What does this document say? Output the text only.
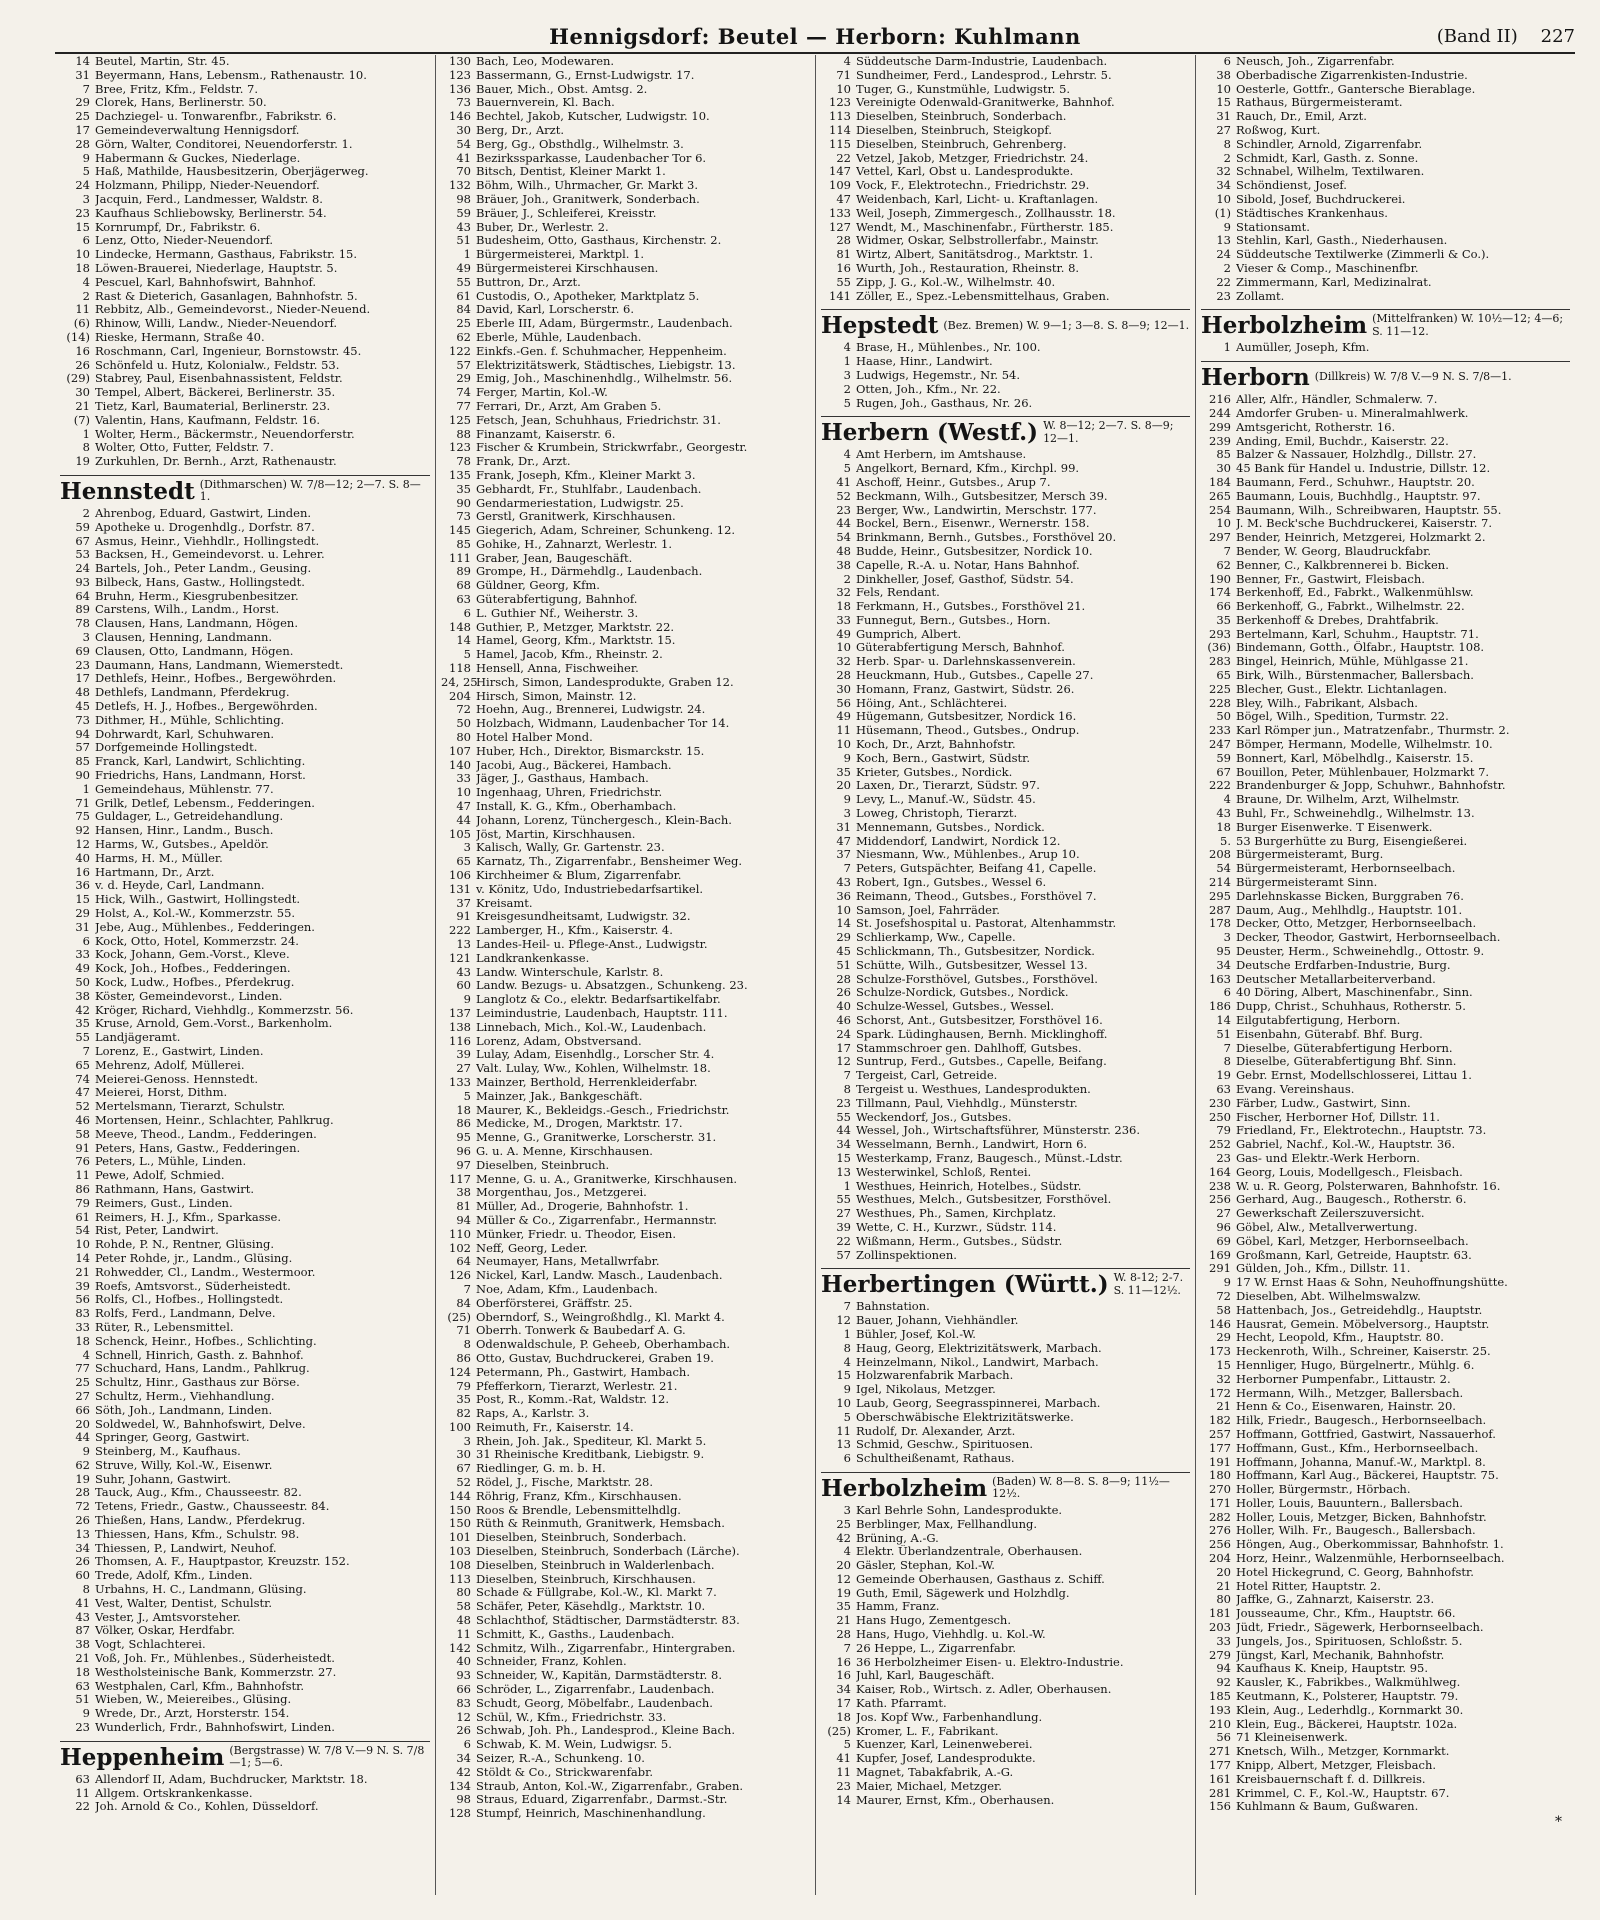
Hennigsdorf: Beutel — Herborn: Kuhlmann	(Band II) 227
14 Beutel, Martin, Str. 45.
31 Beyermann, Hans, Lebensm., Rathenaustr. 10.
7 Bree, Fritz, Kfm., Feldstr. 7.
29 Clorek, Hans, Berlinerstr. 50.
25 Dachziegel- u. Tonwarenfbr., Fabrikstr. 6.
17 Gemeindeverwaltung Hennigsdorf.
28 Görn, Walter, Conditorei, Neuendorferstr. 1.
9 Habermann & Guckes, Niederlage.
5 Haß, Mathilde, Hausbesitzerin, Oberjägerweg.
24 Holzmann, Philipp, Nieder-Neuendorf.
3 Jacquin, Ferd., Landmesser, Waldstr. 8.
23 Kaufhaus Schliebowsky, Berlinerstr. 54.
15 Kornrumpf, Dr., Fabrikstr. 6.
6 Lenz, Otto, Nieder-Neuendorf.
10 Lindecke, Hermann, Gasthaus, Fabrikstr. 15.
18 Löwen-Brauerei, Niederlage, Hauptstr. 5.
4 Pescuel, Karl, Bahnhofswirt, Bahnhof.
2 Rast & Dieterich, Gasanlagen, Bahnhofstr. 5.
11 Rebbitz, Alb., Gemeindevorst., Nieder-Neuend.
(6) Rhinow, Willi, Landw., Nieder-Neuendorf.
(14) Rieske, Hermann, Straße 40.
16 Roschmann, Carl, Ingenieur, Bornstowstr. 45.
26 Schönfeld u. Hutz, Kolonialw., Feldstr. 53.
(29) Stabrey, Paul, Eisenbahnassistent, Feldstr.
30 Tempel, Albert, Bäckerei, Berlinerstr. 35.
21 Tietz, Karl, Baumaterial, Berlinerstr. 23.
(7) Valentin, Hans, Kaufmann, Feldstr. 16.
1 Wolter, Herm., Bäckermstr., Neuendorferstr.
8 Wolter, Otto, Futter, Feldstr. 7.
19 Zurkuhlen, Dr. Bernh., Arzt, Rathenaustr.
Hennstedt (Dithmarschen) W. 7/8—12; 2—7. S. 8—1.
2 Ahrenbog, Eduard, Gastwirt, Linden.
59 Apotheke u. Drogenhdlg., Dorfstr. 87.
67 Asmus, Heinr., Viehhdlr., Hollingstedt.
53 Backsen, H., Gemeindevorst. u. Lehrer.
24 Bartels, Joh., Peter Landm., Geusing.
93 Bilbeck, Hans, Gastw., Hollingstedt.
64 Bruhn, Herm., Kiesgrubenbesitzer.
89 Carstens, Wilh., Landm., Horst.
78 Clausen, Hans, Landmann, Högen.
3 Clausen, Henning, Landmann.
69 Clausen, Otto, Landmann, Högen.
23 Daumann, Hans, Landmann, Wiemerstedt.
17 Dethlefs, Heinr., Hofbes., Bergewöhrden.
48 Dethlefs, Landmann, Pferdekrug.
45 Detlefs, H. J., Hofbes., Bergewöhrden.
73 Dithmer, H., Mühle, Schlichting.
94 Dohrwardt, Karl, Schuhwaren.
57 Dorfgemeinde Hollingstedt.
85 Franck, Karl, Landwirt, Schlichting.
90 Friedrichs, Hans, Landmann, Horst.
1 Gemeindehaus, Mühlenstr. 77.
71 Grilk, Detlef, Lebensm., Fedderingen.
75 Guldager, L., Getreidehandlung.
92 Hansen, Hinr., Landm., Busch.
12 Harms, W., Gutsbes., Apeldör.
40 Harms, H. M., Müller.
16 Hartmann, Dr., Arzt.
36 v. d. Heyde, Carl, Landmann.
15 Hick, Wilh., Gastwirt, Hollingstedt.
29 Holst, A., Kol.-W., Kommerzstr. 55.
31 Jebe, Aug., Mühlenbes., Fedderingen.
6 Kock, Otto, Hotel, Kommerzstr. 24.
33 Kock, Johann, Gem.-Vorst., Kleve.
49 Kock, Joh., Hofbes., Fedderingen.
50 Kock, Ludw., Hofbes., Pferdekrug.
38 Köster, Gemeindevorst., Linden.
42 Kröger, Richard, Viehhdlg., Kommerzstr. 56.
35 Kruse, Arnold, Gem.-Vorst., Barkenholm.
55 Landjägeramt.
7 Lorenz, E., Gastwirt, Linden.
65 Mehrenz, Adolf, Müllerei.
74 Meierei-Genoss. Hennstedt.
47 Meierei, Horst, Dithm.
52 Mertelsmann, Tierarzt, Schulstr.
46 Mortensen, Heinr., Schlachter, Pahlkrug.
58 Meeve, Theod., Landm., Fedderingen.
91 Peters, Hans, Gastw., Fedderingen.
76 Peters, L., Mühle, Linden.
11 Pewe, Adolf, Schmied.
86 Rathmann, Hans, Gastwirt.
79 Reimers, Gust., Linden.
61 Reimers, H. J., Kfm., Sparkasse.
54 Rist, Peter, Landwirt.
10 Rohde, P. N., Rentner, Glüsing.
14 Peter Rohde, jr., Landm., Glüsing.
21 Rohwedder, Cl., Landm., Westermoor.
39 Roefs, Amtsvorst., Süderheistedt.
56 Rolfs, Cl., Hofbes., Hollingstedt.
83 Rolfs, Ferd., Landmann, Delve.
33 Rüter, R., Lebensmittel.
18 Schenck, Heinr., Hofbes., Schlichting.
4 Schnell, Hinrich, Gasth. z. Bahnhof.
77 Schuchard, Hans, Landm., Pahlkrug.
25 Schultz, Hinr., Gasthaus zur Börse.
27 Schultz, Herm., Viehhandlung.
66 Söth, Joh., Landmann, Linden.
20 Soldwedel, W., Bahnhofswirt, Delve.
44 Springer, Georg, Gastwirt.
9 Steinberg, M., Kaufhaus.
62 Struve, Willy, Kol.-W., Eisenwr.
19 Suhr, Johann, Gastwirt.
28 Tauck, Aug., Kfm., Chausseestr. 82.
72 Tetens, Friedr., Gastw., Chausseestr. 84.
26 Thießen, Hans, Landw., Pferdekrug.
13 Thiessen, Hans, Kfm., Schulstr. 98.
34 Thiessen, P., Landwirt, Neuhof.
26 Thomsen, A. F., Hauptpastor, Kreuzstr. 152.
60 Trede, Adolf, Kfm., Linden.
8 Urbahns, H. C., Landmann, Glüsing.
41 Vest, Walter, Dentist, Schulstr.
43 Vester, J., Amtsvorsteher.
87 Völker, Oskar, Herdfabr.
38 Vogt, Schlachterei.
21 Voß, Joh. Fr., Mühlenbes., Süderheistedt.
18 Westholsteinische Bank, Kommerzstr. 27.
63 Westphalen, Carl, Kfm., Bahnhofstr.
51 Wieben, W., Meiereibes., Glüsing.
9 Wrede, Dr., Arzt, Horsterstr. 154.
23 Wunderlich, Frdr., Bahnhofswirt, Linden.
Heppenheim (Bergstrasse) W. 7/8 V.—9 N. S. 7/8—1; 5—6.
63 Allendorf II, Adam, Buchdrucker, Marktstr. 18.
11 Allgem. Ortskrankenkasse.
22 Joh. Arnold & Co., Kohlen, Düsseldorf.
130 Bach, Leo, Modewaren.
123 Bassermann, G., Ernst-Ludwigstr. 17.
136 Bauer, Mich., Obst. Amtsg. 2.
73 Bauernverein, Kl. Bach.
146 Bechtel, Jakob, Kutscher, Ludwigstr. 10.
30 Berg, Dr., Arzt.
54 Berg, Gg., Obsthdlg., Wilhelmstr. 3.
41 Bezirkssparkasse, Laudenbacher Tor 6.
70 Bitsch, Dentist, Kleiner Markt 1.
132 Böhm, Wilh., Uhrmacher, Gr. Markt 3.
98 Bräuer, Joh., Granitwerk, Sonderbach.
59 Bräuer, J., Schleiferei, Kreisstr.
43 Buber, Dr., Werlestr. 2.
51 Budesheim, Otto, Gasthaus, Kirchenstr. 2.
1 Bürgermeisterei, Marktpl. 1.
49 Bürgermeisterei Kirschhausen.
55 Buttron, Dr., Arzt.
61 Custodis, O., Apotheker, Marktplatz 5.
84 David, Karl, Lorscherstr. 6.
25 Eberle III, Adam, Bürgermstr., Laudenbach.
62 Eberle, Mühle, Laudenbach.
122 Einkfs.-Gen. f. Schuhmacher, Heppenheim.
57 Elektrizitätswerk, Städtisches, Liebigstr. 13.
29 Emig, Joh., Maschinenhdlg., Wilhelmstr. 56.
74 Ferger, Martin, Kol.-W.
77 Ferrari, Dr., Arzt, Am Graben 5.
125 Fetsch, Jean, Schuhhaus, Friedrichstr. 31.
88 Finanzamt, Kaiserstr. 6.
123 Fischer & Krumbein, Strickwrfabr., Georgestr.
78 Frank, Dr., Arzt.
135 Frank, Joseph, Kfm., Kleiner Markt 3.
35 Gebhardt, Fr., Stuhlfabr., Laudenbach.
90 Gendarmeriestation, Ludwigstr. 25.
73 Gerstl, Granitwerk, Kirschhausen.
145 Giegerich, Adam, Schreiner, Schunkeng. 12.
85 Gohike, H., Zahnarzt, Werlestr. 1.
111 Graber, Jean, Baugeschäft.
89 Grompe, H., Därmehdlg., Laudenbach.
68 Güldner, Georg, Kfm.
63 Güterabfertigung, Bahnhof.
6 L. Guthier Nf., Weiherstr. 3.
148 Guthier, P., Metzger, Marktstr. 22.
14 Hamel, Georg, Kfm., Marktstr. 15.
5 Hamel, Jacob, Kfm., Rheinstr. 2.
118 Hensell, Anna, Fischweiher.
24, 25
Hirsch, Simon, Landesprodukte, Graben 12.
204 Hirsch, Simon, Mainstr. 12.
72 Hoehn, Aug., Brennerei, Ludwigstr. 24.
50 Holzbach, Widmann, Laudenbacher Tor 14.
80 Hotel Halber Mond.
107 Huber, Hch., Direktor, Bismarckstr. 15.
140 Jacobi, Aug., Bäckerei, Hambach.
33 Jäger, J., Gasthaus, Hambach.
10 Ingenhaag, Uhren, Friedrichstr.
47 Install, K. G., Kfm., Oberhambach.
44 Johann, Lorenz, Tünchergesch., Klein-Bach.
105 Jöst, Martin, Kirschhausen.
3 Kalisch, Wally, Gr. Gartenstr. 23.
65 Karnatz, Th., Zigarrenfabr., Bensheimer Weg.
106 Kirchheimer & Blum, Zigarrenfabr.
131 v. Könitz, Udo, Industriebedarfsartikel.
37 Kreisamt.
91 Kreisgesundheitsamt, Ludwigstr. 32.
222 Lamberger, H., Kfm., Kaiserstr. 4.
13 Landes-Heil- u. Pflege-Anst., Ludwigstr.
121 Landkrankenkasse.
43 Landw. Winterschule, Karlstr. 8.
60 Landw. Bezugs- u. Absatzgen., Schunkeng. 23.
9 Langlotz & Co., elektr. Bedarfsartikelfabr.
137 Leimindustrie, Laudenbach, Hauptstr. 111.
138 Linnebach, Mich., Kol.-W., Laudenbach.
116 Lorenz, Adam, Obstversand.
39 Lulay, Adam, Eisenhdlg., Lorscher Str. 4.
27 Valt. Lulay, Ww., Kohlen, Wilhelmstr. 18.
133 Mainzer, Berthold, Herrenkleiderfabr.
5 Mainzer, Jak., Bankgeschäft.
18 Maurer, K., Bekleidgs.-Gesch., Friedrichstr.
86 Medicke, M., Drogen, Marktstr. 17.
95 Menne, G., Granitwerke, Lorscherstr. 31.
96 G. u. A. Menne, Kirschhausen.
97 Dieselben, Steinbruch.
117 Menne, G. u. A., Granitwerke, Kirschhausen.
38 Morgenthau, Jos., Metzgerei.
81 Müller, Ad., Drogerie, Bahnhofstr. 1.
94 Müller & Co., Zigarrenfabr., Hermannstr.
110 Münker, Friedr. u. Theodor, Eisen.
102 Neff, Georg, Leder.
64 Neumayer, Hans, Metallwrfabr.
126 Nickel, Karl, Landw. Masch., Laudenbach.
7 Noe, Adam, Kfm., Laudenbach.
84 Oberförsterei, Gräffstr. 25.
(25) Oberndorf, S., Weingroßhdlg., Kl. Markt 4.
71 Oberrh. Tonwerk & Baubedarf A. G.
8 Odenwaldschule, P. Geheeb, Oberhambach.
86 Otto, Gustav, Buchdruckerei, Graben 19.
124 Petermann, Ph., Gastwirt, Hambach.
79 Pfefferkorn, Tierarzt, Werlestr. 21.
35 Post, R., Komm.-Rat, Waldstr. 12.
82 Raps, A., Karlstr. 3.
100 Reimuth, Fr., Kaiserstr. 14.
3 Rhein, Joh. Jak., Spediteur, Kl. Markt 5.
30 31 Rheinische Kreditbank, Liebigstr. 9.
67 Riedlinger, G. m. b. H.
52 Rödel, J., Fische, Marktstr. 28.
144 Röhrig, Franz, Kfm., Kirschhausen.
150 Roos & Brendle, Lebensmittelhdlg.
150 Rüth & Reinmuth, Granitwerk, Hemsbach.
101 Dieselben, Steinbruch, Sonderbach.
103 Dieselben, Steinbruch, Sonderbach (Lärche).
108 Dieselben, Steinbruch in Walderlenbach.
113 Dieselben, Steinbruch, Kirschhausen.
80 Schade & Füllgrabe, Kol.-W., Kl. Markt 7.
58 Schäfer, Peter, Käsehdlg., Marktstr. 10.
48 Schlachthof, Städtischer, Darmstädterstr. 83.
11 Schmitt, K., Gasths., Laudenbach.
142 Schmitz, Wilh., Zigarrenfabr., Hintergraben.
40 Schneider, Franz, Kohlen.
93 Schneider, W., Kapitän, Darmstädterstr. 8.
66 Schröder, L., Zigarrenfabr., Laudenbach.
83 Schudt, Georg, Möbelfabr., Laudenbach.
12 Schül, W., Kfm., Friedrichstr. 33.
26 Schwab, Joh. Ph., Landesprod., Kleine Bach.
6 Schwab, K. M. Wein, Ludwigsr. 5.
34 Seizer, R.-A., Schunkeng. 10.
42 Stöldt & Co., Strickwarenfabr.
134 Straub, Anton, Kol.-W., Zigarrenfabr., Graben.
98 Straus, Eduard, Zigarrenfabr., Darmst.-Str.
128 Stumpf, Heinrich, Maschinenhandlung.
4 Süddeutsche Darm-Industrie, Laudenbach.
71 Sundheimer, Ferd., Landesprod., Lehrstr. 5.
10 Tuger, G., Kunstmühle, Ludwigstr. 5.
123 Vereinigte Odenwald-Granitwerke, Bahnhof.
113 Dieselben, Steinbruch, Sonderbach.
114 Dieselben, Steinbruch, Steigkopf.
115 Dieselben, Steinbruch, Gehrenberg.
22 Vetzel, Jakob, Metzger, Friedrichstr. 24.
147 Vettel, Karl, Obst u. Landesprodukte.
109 Vock, F., Elektrotechn., Friedrichstr. 29.
47 Weidenbach, Karl, Licht- u. Kraftanlagen.
133 Weil, Joseph, Zimmergesch., Zollhausstr. 18.
127 Wendt, M., Maschinenfabr., Fürtherstr. 185.
28 Widmer, Oskar, Selbstrollerfabr., Mainstr.
81 Wirtz, Albert, Sanitätsdrog., Marktstr. 1.
16 Wurth, Joh., Restauration, Rheinstr. 8.
55 Zipp, J. G., Kol.-W., Wilhelmstr. 40.
141 Zöller, E., Spez.-Lebensmittelhaus, Graben.
Hepstedt (Bez. Bremen) W. 9—1; 3—8. S. 8—9; 12—1.
4 Brase, H., Mühlenbes., Nr. 100.
1 Haase, Hinr., Landwirt.
3 Ludwigs, Hegemstr., Nr. 54.
2 Otten, Joh., Kfm., Nr. 22.
5 Rugen, Joh., Gasthaus, Nr. 26.
Herbern (Westf.) W. 8—12; 2—7. S. 8—9; 12—1.
4 Amt Herbern, im Amtshause.
5 Angelkort, Bernard, Kfm., Kirchpl. 99.
41 Aschoff, Heinr., Gutsbes., Arup 7.
52 Beckmann, Wilh., Gutsbesitzer, Mersch 39.
23 Berger, Ww., Landwirtin, Merschstr. 177.
44 Bockel, Bern., Eisenwr., Wernerstr. 158.
54 Brinkmann, Bernh., Gutsbes., Forsthövel 20.
48 Budde, Heinr., Gutsbesitzer, Nordick 10.
38 Capelle, R.-A. u. Notar, Hans Bahnhof.
2 Dinkheller, Josef, Gasthof, Südstr. 54.
32 Fels, Rendant.
18 Ferkmann, H., Gutsbes., Forsthövel 21.
33 Funnegut, Bern., Gutsbes., Horn.
49 Gumprich, Albert.
10 Güterabfertigung Mersch, Bahnhof.
32 Herb. Spar- u. Darlehnskassenverein.
28 Heuckmann, Hub., Gutsbes., Capelle 27.
30 Homann, Franz, Gastwirt, Südstr. 26.
56 Höing, Ant., Schlächterei.
49 Hügemann, Gutsbesitzer, Nordick 16.
11 Hüsemann, Theod., Gutsbes., Ondrup.
10 Koch, Dr., Arzt, Bahnhofstr.
9 Koch, Bern., Gastwirt, Südstr.
35 Krieter, Gutsbes., Nordick.
20 Laxen, Dr., Tierarzt, Südstr. 97.
9 Levy, L., Manuf.-W., Südstr. 45.
3 Loweg, Christoph, Tierarzt.
31 Mennemann, Gutsbes., Nordick.
47 Middendorf, Landwirt, Nordick 12.
37 Niesmann, Ww., Mühlenbes., Arup 10.
7 Peters, Gutspächter, Beifang 41, Capelle.
43 Robert, Ign., Gutsbes., Wessel 6.
36 Reimann, Theod., Gutsbes., Forsthövel 7.
10 Samson, Joel, Fahrräder.
14 St. Josefshospital u. Pastorat, Altenhammstr.
29 Schlierkamp, Ww., Capelle.
45 Schlickmann, Th., Gutsbesitzer, Nordick.
51 Schütte, Wilh., Gutsbesitzer, Wessel 13.
28 Schulze-Forsthövel, Gutsbes., Forsthövel.
26 Schulze-Nordick, Gutsbes., Nordick.
40 Schulze-Wessel, Gutsbes., Wessel.
46 Schorst, Ant., Gutsbesitzer, Forsthövel 16.
24 Spark. Lüdinghausen, Bernh. Micklinghoff.
17 Stammschroer gen. Dahlhoff, Gutsbes.
12 Suntrup, Ferd., Gutsbes., Capelle, Beifang.
7 Tergeist, Carl, Getreide.
8 Tergeist u. Westhues, Landesprodukten.
23 Tillmann, Paul, Viehhdlg., Münsterstr.
55 Weckendorf, Jos., Gutsbes.
44 Wessel, Joh., Wirtschaftsführer, Münsterstr. 236.
34 Wesselmann, Bernh., Landwirt, Horn 6.
15 Westerkamp, Franz, Baugesch., Münst.-Ldstr.
13 Westerwinkel, Schloß, Rentei.
1 Westhues, Heinrich, Hotelbes., Südstr.
55 Westhues, Melch., Gutsbesitzer, Forsthövel.
27 Westhues, Ph., Samen, Kirchplatz.
39 Wette, C. H., Kurzwr., Südstr. 114.
22 Wißmann, Herm., Gutsbes., Südstr.
57 Zollinspektionen.
Herbertingen (Württ.) W. 8-12; 2-7. S. 11—12½.
7 Bahnstation.
12 Bauer, Johann, Viehhändler.
1 Bühler, Josef, Kol.-W.
8 Haug, Georg, Elektrizitätswerk, Marbach.
4 Heinzelmann, Nikol., Landwirt, Marbach.
15 Holzwarenfabrik Marbach.
9 Igel, Nikolaus, Metzger.
10 Laub, Georg, Seegrasspinnerei, Marbach.
5 Oberschwäbische Elektrizitätswerke.
11 Rudolf, Dr. Alexander, Arzt.
13 Schmid, Geschw., Spirituosen.
6 Schultheißenamt, Rathaus.
Herbolzheim (Baden) W. 8—8. S. 8—9; 11½—12½.
3 Karl Behrle Sohn, Landesprodukte.
25 Berblinger, Max, Fellhandlung.
42 Brüning, A.-G.
4 Elektr. Überlandzentrale, Oberhausen.
20 Gäsler, Stephan, Kol.-W.
12 Gemeinde Oberhausen, Gasthaus z. Schiff.
19 Guth, Emil, Sägewerk und Holzhdlg.
35 Hamm, Franz.
21 Hans Hugo, Zementgesch.
28 Hans, Hugo, Viehhdlg. u. Kol.-W.
7 26 Heppe, L., Zigarrenfabr.
16 36 Herbolzheimer Eisen- u. Elektro-Industrie.
16 Juhl, Karl, Baugeschäft.
34 Kaiser, Rob., Wirtsch. z. Adler, Oberhausen.
17 Kath. Pfarramt.
18 Jos. Kopf Ww., Farbenhandlung.
(25) Kromer, L. F., Fabrikant.
5 Kuenzer, Karl, Leinenweberei.
41 Kupfer, Josef, Landesprodukte.
11 Magnet, Tabakfabrik, A.-G.
23 Maier, Michael, Metzger.
14 Maurer, Ernst, Kfm., Oberhausen.
6 Neusch, Joh., Zigarrenfabr.
38 Oberbadische Zigarrenkisten-Industrie.
10 Oesterle, Gottfr., Gantersche Bierablage.
15 Rathaus, Bürgermeisteramt.
31 Rauch, Dr., Emil, Arzt.
27 Roßwog, Kurt.
8 Schindler, Arnold, Zigarrenfabr.
2 Schmidt, Karl, Gasth. z. Sonne.
32 Schnabel, Wilhelm, Textilwaren.
34 Schöndienst, Josef.
10 Sibold, Josef, Buchdruckerei.
(1) Städtisches Krankenhaus.
9 Stationsamt.
13 Stehlin, Karl, Gasth., Niederhausen.
24 Süddeutsche Textilwerke (Zimmerli & Co.).
2 Vieser & Comp., Maschinenfbr.
22 Zimmermann, Karl, Medizinalrat.
23 Zollamt.
Herbolzheim (Mittelfranken) W. 10½—12; 4—6; S. 11—12.
1 Aumüller, Joseph, Kfm.
Herborn (Dillkreis) W. 7/8 V.—9 N. S. 7/8—1.
216 Aller, Alfr., Händler, Schmalerw. 7.
244 Amdorfer Gruben- u. Mineralmahlwerk.
299 Amtsgericht, Rotherstr. 16.
239 Anding, Emil, Buchdr., Kaiserstr. 22.
85 Balzer & Nassauer, Holzhdlg., Dillstr. 27.
30 45 Bank für Handel u. Industrie, Dillstr. 12.
184 Baumann, Ferd., Schuhwr., Hauptstr. 20.
265 Baumann, Louis, Buchhdlg., Hauptstr. 97.
254 Baumann, Wilh., Schreibwaren, Hauptstr. 55.
10 J. M. Beck'sche Buchdruckerei, Kaiserstr. 7.
297 Bender, Heinrich, Metzgerei, Holzmarkt 2.
7 Bender, W. Georg, Blaudruckfabr.
62 Benner, C., Kalkbrennerei b. Bicken.
190 Benner, Fr., Gastwirt, Fleisbach.
174 Berkenhoff, Ed., Fabrkt., Walkenmühlsw.
66 Berkenhoff, G., Fabrkt., Wilhelmstr. 22.
35 Berkenhoff & Drebes, Drahtfabrik.
293 Bertelmann, Karl, Schuhm., Hauptstr. 71.
(36) Bindemann, Gotth., Ölfabr., Hauptstr. 108.
283 Bingel, Heinrich, Mühle, Mühlgasse 21.
65 Birk, Wilh., Bürstenmacher, Ballersbach.
225 Blecher, Gust., Elektr. Lichtanlagen.
228 Bley, Wilh., Fabrikant, Alsbach.
50 Bögel, Wilh., Spedition, Turmstr. 22.
233 Karl Römper jun., Matratzenfabr., Thurmstr. 2.
247 Bömper, Hermann, Modelle, Wilhelmstr. 10.
59 Bonnert, Karl, Möbelhdlg., Kaiserstr. 15.
67 Bouillon, Peter, Mühlenbauer, Holzmarkt 7.
222 Brandenburger & Jopp, Schuhwr., Bahnhofstr.
4 Braune, Dr. Wilhelm, Arzt, Wilhelmstr.
43 Buhl, Fr., Schweinehdlg., Wilhelmstr. 13.
18 Burger Eisenwerke. T Eisenwerk.
5. 53 Burgerhütte zu Burg, Eisengießerei.
208 Bürgermeisteramt, Burg.
54 Bürgermeisteramt, Herbornseelbach.
214 Bürgermeisteramt Sinn.
295 Darlehnskasse Bicken, Burggraben 76.
287 Daum, Aug., Mehlhdlg., Hauptstr. 101.
178 Decker, Otto, Metzger, Herbornseelbach.
3 Decker, Theodor, Gastwirt, Herbornseelbach.
95 Deuster, Herm., Schweinehdlg., Ottostr. 9.
34 Deutsche Erdfarben-Industrie, Burg.
163 Deutscher Metallarbeiterverband.
6 40 Döring, Albert, Maschinenfabr., Sinn.
186 Dupp, Christ., Schuhhaus, Rotherstr. 5.
14 Eilgutabfertigung, Herborn.
51 Eisenbahn, Güterabf. Bhf. Burg.
7 Dieselbe, Güterabfertigung Herborn.
8 Dieselbe, Güterabfertigung Bhf. Sinn.
19 Gebr. Ernst, Modellschlosserei, Littau 1.
63 Evang. Vereinshaus.
230 Färber, Ludw., Gastwirt, Sinn.
250 Fischer, Herborner Hof, Dillstr. 11.
79 Friedland, Fr., Elektrotechn., Hauptstr. 73.
252 Gabriel, Nachf., Kol.-W., Hauptstr. 36.
23 Gas- und Elektr.-Werk Herborn.
164 Georg, Louis, Modellgesch., Fleisbach.
238 W. u. R. Georg, Polsterwaren, Bahnhofstr. 16.
256 Gerhard, Aug., Baugesch., Rotherstr. 6.
27 Gewerkschaft Zeilerszuversicht.
96 Göbel, Alw., Metallverwertung.
69 Göbel, Karl, Metzger, Herbornseelbach.
169 Großmann, Karl, Getreide, Hauptstr. 63.
291 Gülden, Joh., Kfm., Dillstr. 11.
9 17 W. Ernst Haas & Sohn, Neuhoffnungshütte.
72 Dieselben, Abt. Wilhelmswalzw.
58 Hattenbach, Jos., Getreidehdlg., Hauptstr.
146 Hausrat, Gemein. Möbelversorg., Hauptstr.
29 Hecht, Leopold, Kfm., Hauptstr. 80.
173 Heckenroth, Wilh., Schreiner, Kaiserstr. 25.
15 Hennliger, Hugo, Bürgelnertr., Mühlg. 6.
32 Herborner Pumpenfabr., Littaustr. 2.
172 Hermann, Wilh., Metzger, Ballersbach.
21 Henn & Co., Eisenwaren, Hainstr. 20.
182 Hilk, Friedr., Baugesch., Herbornseelbach.
257 Hoffmann, Gottfried, Gastwirt, Nassauerhof.
177 Hoffmann, Gust., Kfm., Herbornseelbach.
191 Hoffmann, Johanna, Manuf.-W., Marktpl. 8.
180 Hoffmann, Karl Aug., Bäckerei, Hauptstr. 75.
270 Holler, Bürgermstr., Hörbach.
171 Holler, Louis, Bauuntern., Ballersbach.
282 Holler, Louis, Metzger, Bicken, Bahnhofstr.
276 Holler, Wilh. Fr., Baugesch., Ballersbach.
256 Höngen, Aug., Oberkommissar, Bahnhofstr. 1.
204 Horz, Heinr., Walzenmühle, Herbornseelbach.
20 Hotel Hickegrund, C. Georg, Bahnhofstr.
21 Hotel Ritter, Hauptstr. 2.
80 Jaffke, G., Zahnarzt, Kaiserstr. 23.
181 Jousseaume, Chr., Kfm., Hauptstr. 66.
203 Jüdt, Friedr., Sägewerk, Herbornseelbach.
33 Jungels, Jos., Spirituosen, Schloßstr. 5.
279 Jüngst, Karl, Mechanik, Bahnhofstr.
94 Kaufhaus K. Kneip, Hauptstr. 95.
92 Kausler, K., Fabrikbes., Walkmühlweg.
185 Keutmann, K., Polsterer, Hauptstr. 79.
193 Klein, Aug., Lederhdlg., Kornmarkt 30.
210 Klein, Eug., Bäckerei, Hauptstr. 102a.
56 71 Kleineisenwerk.
271 Knetsch, Wilh., Metzger, Kornmarkt.
177 Knipp, Albert, Metzger, Fleisbach.
161 Kreisbauernschaft f. d. Dillkreis.
281 Krimmel, C. F., Kol.-W., Hauptstr. 67.
156 Kuhlmann & Baum, Gußwaren.
*
